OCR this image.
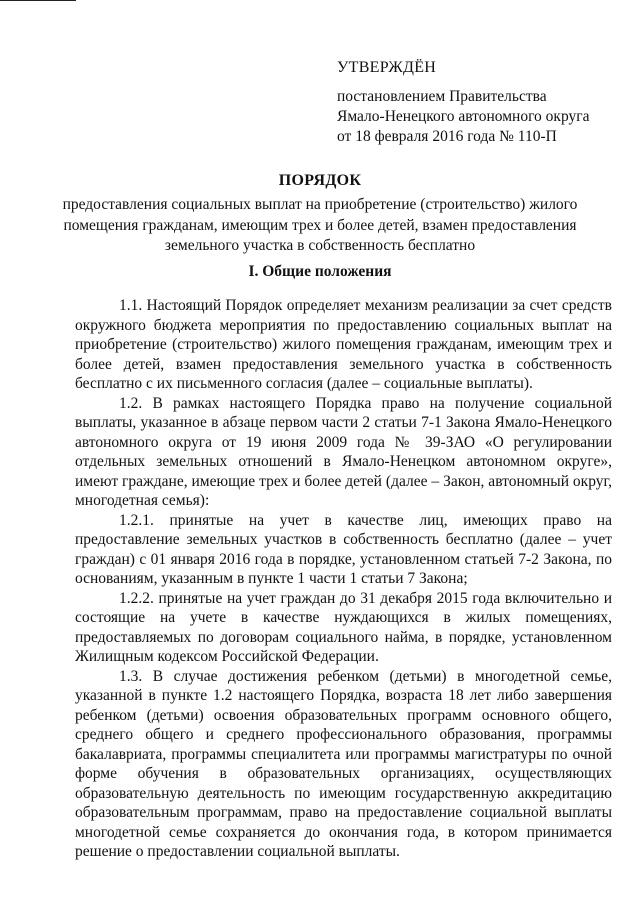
УТВЕРЖДЁН
постановлением Правительства
Ямало-Ненецкого автономного округа
от 18 февраля 2016 года № 110-П
ПОРЯДОК
предоставления социальных выплат на приобретение (строительство) жилого помещения гражданам, имеющим трех и более детей, взамен предоставления земельного участка в собственность бесплатно
I. Общие положения

1.1. Настоящий Порядок определяет механизм реализации за счет средств окружного бюджета мероприятия по предоставлению социальных выплат на приобретение (строительство) жилого помещения гражданам, имеющим трех и более детей, взамен предоставления земельного участка в собственность бесплатно с их письменного согласия (далее – социальные выплаты).

1.2. В рамках настоящего Порядка право на получение социальной выплаты, указанное в абзаце первом части 2 статьи 7-1 Закона Ямало-Ненецкого автономного округа от 19 июня 2009 года № 39-ЗАО «О регулировании отдельных земельных отношений в Ямало-Ненецком автономном округе», имеют граждане, имеющие трех и более детей (далее – Закон, автономный округ, многодетная семья):

1.2.1. принятые на учет в качестве лиц, имеющих право на предоставление земельных участков в собственность бесплатно (далее – учет граждан) с 01 января 2016 года в порядке, установленном статьей 7-2 Закона, по основаниям, указанным в пункте 1 части 1 статьи 7 Закона;

1.2.2. принятые на учет граждан до 31 декабря 2015 года включительно и состоящие на учете в качестве нуждающихся в жилых помещениях, предоставляемых по договорам социального найма, в порядке, установленном Жилищным кодексом Российской Федерации.

1.3. В случае достижения ребенком (детьми) в многодетной семье, указанной в пункте 1.2 настоящего Порядка, возраста 18 лет либо завершения ребенком (детьми) освоения образовательных программ основного общего, среднего общего и среднего профессионального образования, программы бакалавриата, программы специалитета или программы магистратуры по очной форме обучения в образовательных организациях, осуществляющих образовательную деятельность по имеющим государственную аккредитацию образовательным программам, право на предоставление социальной выплаты многодетной семье сохраняется до окончания года, в котором принимается решение о предоставлении социальной выплаты.
